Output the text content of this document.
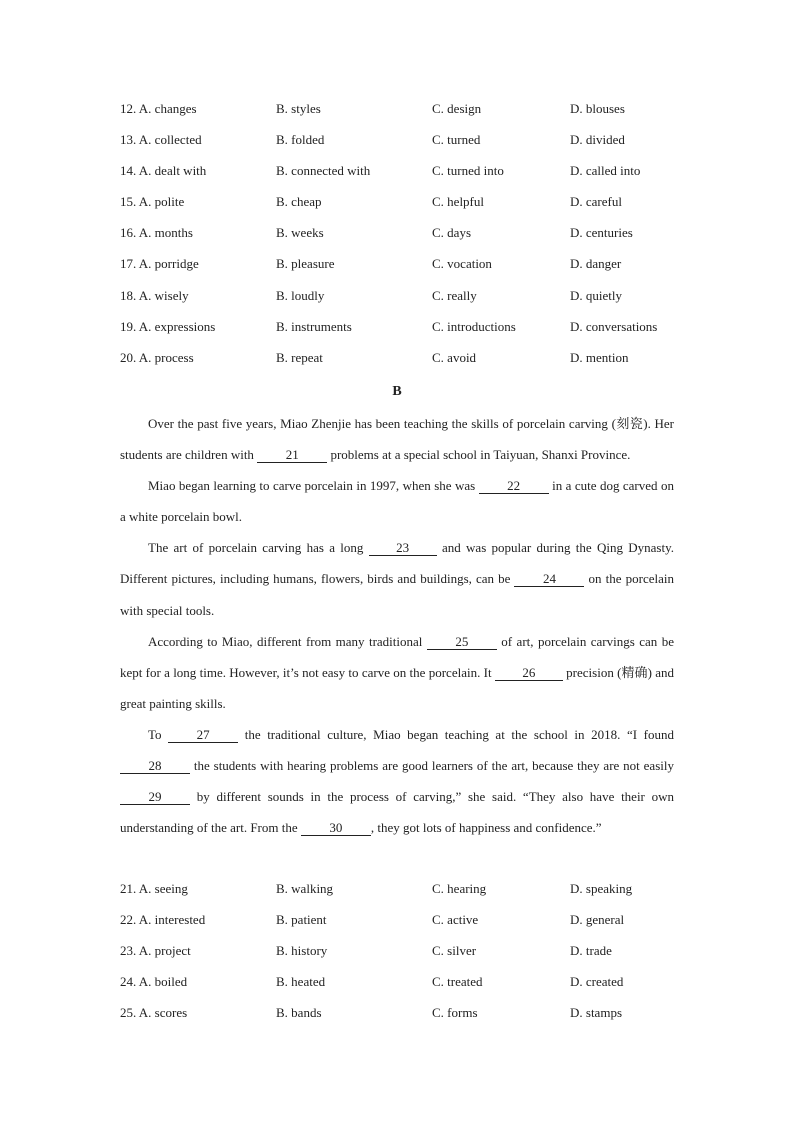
12. A. changes	B. styles	C. design	D. blouses
13. A. collected	B. folded	C. turned	D. divided
14. A. dealt with	B. connected with	C. turned into	D. called into
15. A. polite	B. cheap	C. helpful	D. careful
16. A. months	B. weeks	C. days	D. centuries
17. A. porridge	B. pleasure	C. vocation	D. danger
18. A. wisely	B. loudly	C. really	D. quietly
19. A. expressions	B. instruments	C. introductions	D. conversations
20. A. process	B. repeat	C. avoid	D. mention
B

Over the past five years, Miao Zhenjie has been teaching the skills of porcelain carving (刻瓷). Her students are children with 21 problems at a special school in Taiyuan, Shanxi Province.

Miao began learning to carve porcelain in 1997, when she was 22 in a cute dog carved on a white porcelain bowl.

The art of porcelain carving has a long 23 and was popular during the Qing Dynasty. Different pictures, including humans, flowers, birds and buildings, can be 24 on the porcelain with special tools.

According to Miao, different from many traditional 25 of art, porcelain carvings can be kept for a long time. However, it’s not easy to carve on the porcelain. It 26 precision (精确) and great painting skills.

To 27 the traditional culture, Miao began teaching at the school in 2018. “I found 28 the students with hearing problems are good learners of the art, because they are not easily 29 by different sounds in the process of carving,” she said. “They also have their own understanding of the art. From the 30 , they got lots of happiness and confidence.”

21. A. seeing	B. walking	C. hearing	D. speaking
22. A. interested	B. patient	C. active	D. general
23. A. project	B. history	C. silver	D. trade
24. A. boiled	B. heated	C. treated	D. created
25. A. scores	B. bands	C. forms	D. stamps
